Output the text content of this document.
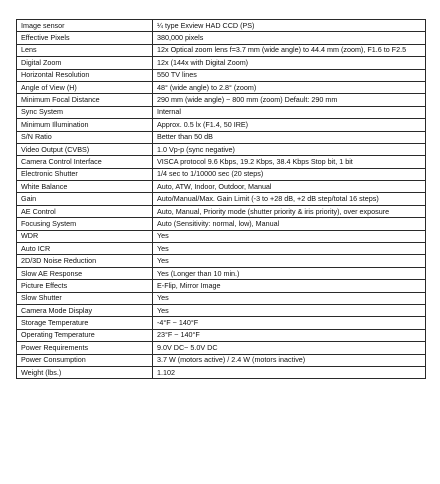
Image sensor	¼ type Exview HAD CCD (PS)
Effective Pixels	380,000 pixels
Lens	12x Optical zoom lens f=3.7 mm (wide angle) to 44.4 mm (zoom), F1.6 to F2.5
Digital Zoom	12x (144x with Digital Zoom)
Horizontal Resolution	550 TV lines
Angle of View (H)	48° (wide angle) to 2.8° (zoom)
Minimum Focal Distance	290 mm (wide angle) ~ 800 mm (zoom) Default: 290 mm
Sync System	Internal
Minimum Illumination	Approx. 0.5 lx (F1.4, 50 IRE)
S/N Ratio	Better than 50 dB
Video Output (CVBS)	1.0 Vp-p (sync negative)
Camera Control Interface	VISCA protocol 9.6 Kbps, 19.2 Kbps, 38.4 Kbps Stop bit, 1 bit
Electronic Shutter	1/4 sec to 1/10000 sec (20 steps)
White Balance	Auto, ATW, Indoor, Outdoor, Manual
Gain	Auto/Manual/Max. Gain Limit (-3 to +28 dB, +2 dB step/total 16 steps)
AE Control	Auto, Manual, Priority mode (shutter priority & iris priority), over exposure
Focusing System	Auto (Sensitivity: normal, low), Manual
WDR	Yes
Auto ICR	Yes
2D/3D Noise Reduction	Yes
Slow AE Response	Yes (Longer than 10 min.)
Picture Effects	E-Flip, Mirror Image
Slow Shutter	Yes
Camera Mode Display	Yes
Storage Temperature	-4°F ~ 140°F
Operating Temperature	23°F ~ 140°F
Power Requirements	9.0V DC~ 5.0V DC
Power Consumption	3.7 W (motors active) / 2.4 W (motors inactive)
Weight (lbs.)	1.102
